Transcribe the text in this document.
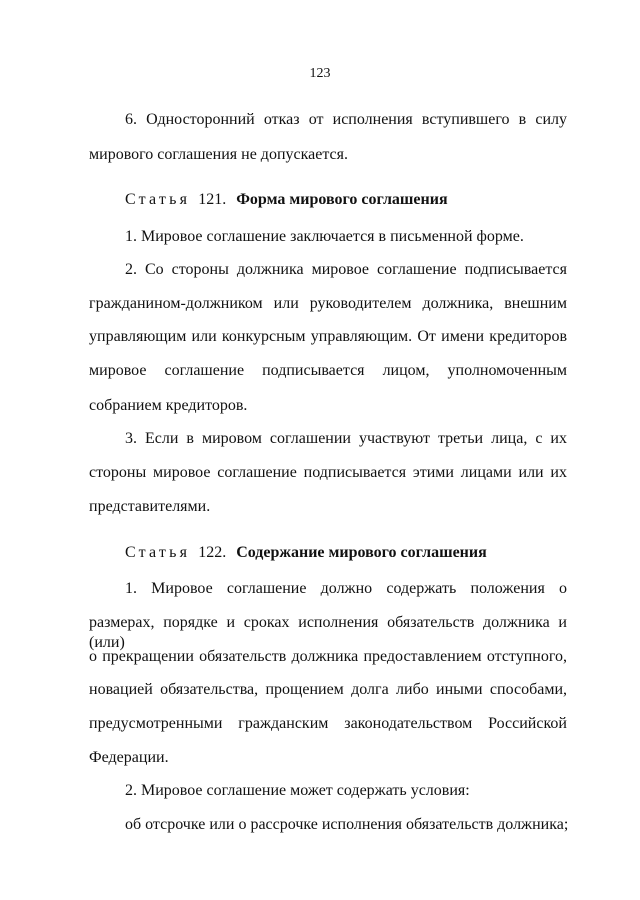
123
6. Односторонний отказ от исполнения вступившего в силу
мирового соглашения не допускается.
Статья 121. Форма мирового соглашения
1. Мировое соглашение заключается в письменной форме.
2. Со стороны должника мировое соглашение подписывается
гражданином-должником или руководителем должника, внешним
управляющим или конкурсным управляющим. От имени кредиторов
мировое соглашение подписывается лицом, уполномоченным
собранием кредиторов.
3. Если в мировом соглашении участвуют третьи лица, с их
стороны мировое соглашение подписывается этими лицами или их
представителями.
Статья 122. Содержание мирового соглашения
1. Мировое соглашение должно содержать положения о
размерах, порядке и сроках исполнения обязательств должника и (или)
о прекращении обязательств должника предоставлением отступного,
новацией обязательства, прощением долга либо иными способами,
предусмотренными гражданским законодательством Российской
Федерации.
2. Мировое соглашение может содержать условия:
об отсрочке или о рассрочке исполнения обязательств должника;
